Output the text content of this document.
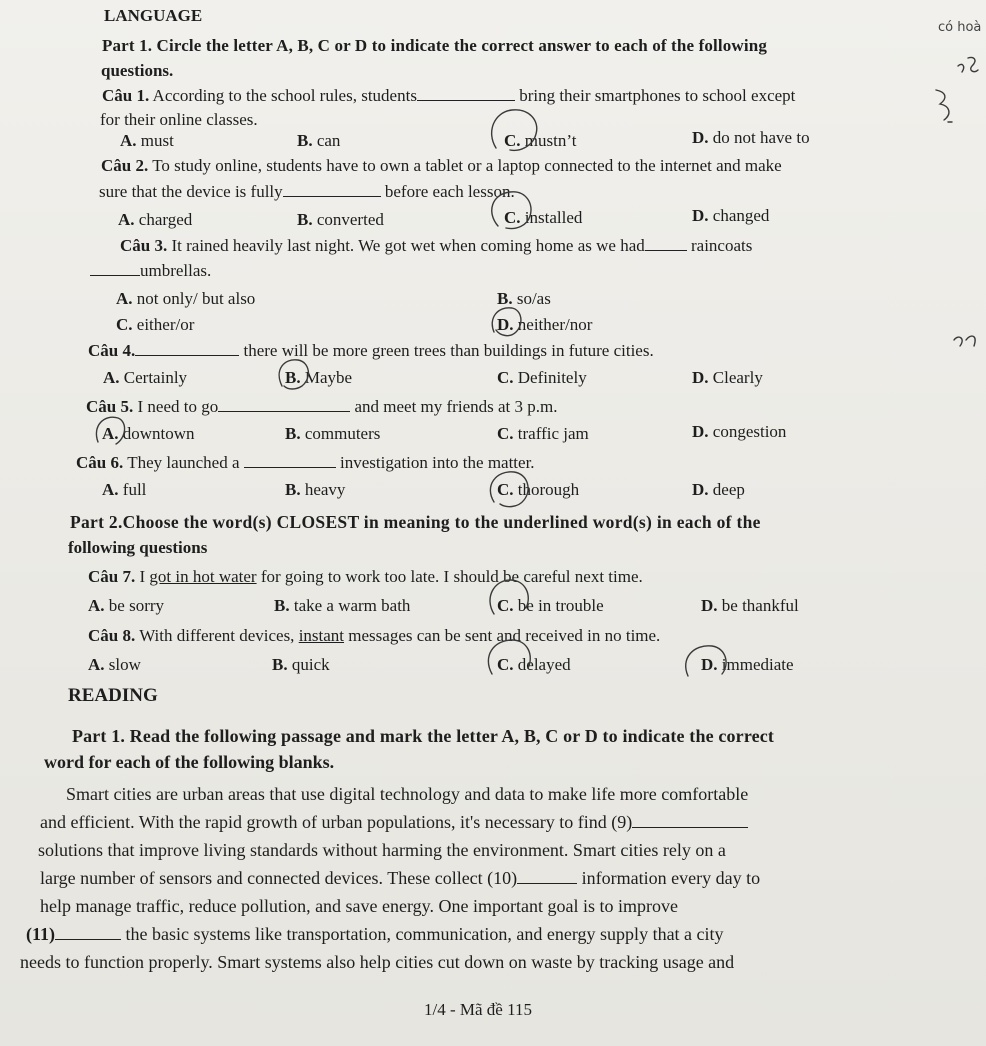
LANGUAGE
có hoà
Part 1. Circle the letter A, B, C or D to indicate the correct answer to each of the following
questions.
Câu 1. According to the school rules, students	bring their smartphones to school except
for their online classes.
A. must	B. can	C. mustn’t	D. do not have to
Câu 2. To study online, students have to own a tablet or a laptop connected to the internet and make
sure that the device is fully	before each lesson.
A. charged	B. converted	C. installed	D. changed
Câu 3. It rained heavily last night. We got wet when coming home as we had	raincoats
umbrellas.
A. not only/ but also	B. so/as
C. either/or	D. neither/nor
Câu 4.	there will be more green trees than buildings in future cities.
A. Certainly	B. Maybe	C. Definitely	D. Clearly
Câu 5. I need to go	and meet my friends at 3 p.m.
A. downtown	B. commuters	C. traffic jam	D. congestion
Câu 6. They launched a	investigation into the matter.
A. full	B. heavy	C. thorough	D. deep
Part 2.Choose the word(s) CLOSEST in meaning to the underlined word(s) in each of the
following questions
Câu 7. I got in hot water for going to work too late. I should be careful next time.
A. be sorry	B. take a warm bath	C. be in trouble	D. be thankful
Câu 8. With different devices, instant messages can be sent and received in no time.
A. slow	B. quick	C. delayed	D. immediate
READING
Part 1. Read the following passage and mark the letter A, B, C or D to indicate the correct
word for each of the following blanks.
Smart cities are urban areas that use digital technology and data to make life more comfortable
and efficient. With the rapid growth of urban populations, it's necessary to find (9)
solutions that improve living standards without harming the environment. Smart cities rely on a
large number of sensors and connected devices. These collect (10)	information every day to
help manage traffic, reduce pollution, and save energy. One important goal is to improve
(11)	the basic systems like transportation, communication, and energy supply that a city
needs to function properly. Smart systems also help cities cut down on waste by tracking usage and
1/4 - Mã đề 115
